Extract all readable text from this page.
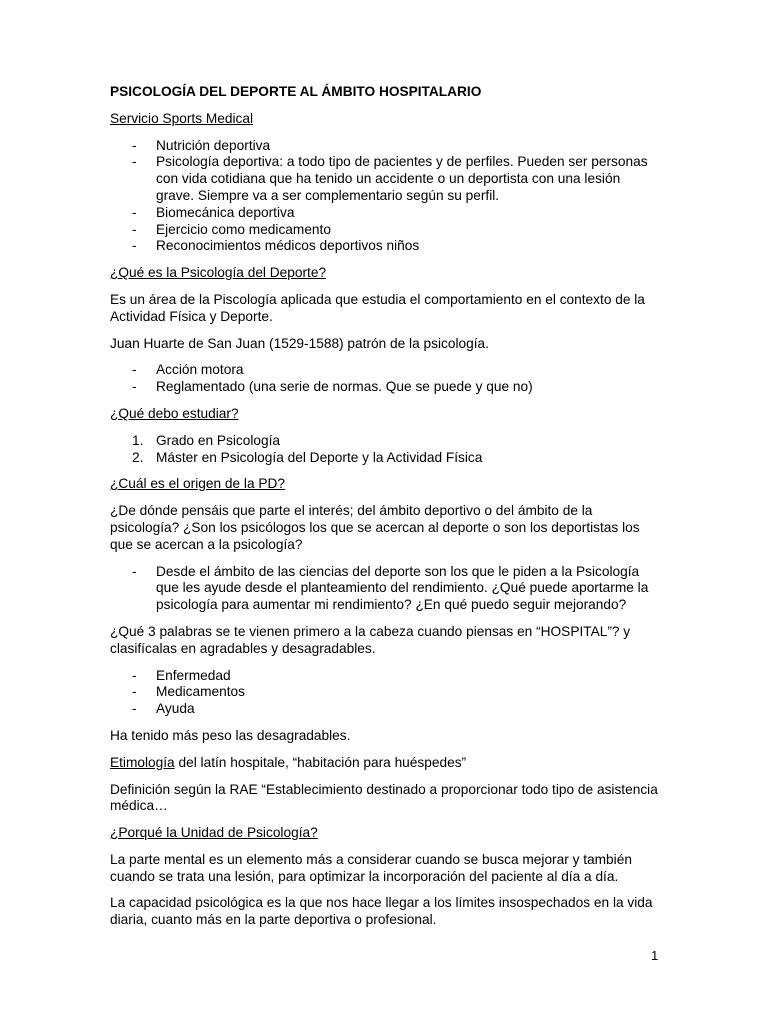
PSICOLOGÍA DEL DEPORTE AL ÁMBITO HOSPITALARIO

Servicio Sports Medical

- Nutrición deportiva
- Psicología deportiva: a todo tipo de pacientes y de perfiles. Pueden ser personas con vida cotidiana que ha tenido un accidente o un deportista con una lesión grave. Siempre va a ser complementario según su perfil.
- Biomecánica deportiva
- Ejercicio como medicamento
- Reconocimientos médicos deportivos niños

¿Qué es la Psicología del Deporte?

Es un área de la Piscología aplicada que estudia el comportamiento en el contexto de la Actividad Física y Deporte.

Juan Huarte de San Juan (1529-1588) patrón de la psicología.

- Acción motora
- Reglamentado (una serie de normas. Que se puede y que no)

¿Qué debo estudiar?

1. Grado en Psicología
2. Máster en Psicología del Deporte y la Actividad Física

¿Cuál es el origen de la PD?

¿De dónde pensáis que parte el interés; del ámbito deportivo o del ámbito de la psicología? ¿Son los psicólogos los que se acercan al deporte o son los deportistas los que se acercan a la psicología?

- Desde el ámbito de las ciencias del deporte son los que le piden a la Psicología que les ayude desde el planteamiento del rendimiento. ¿Qué puede aportarme la psicología para aumentar mi rendimiento? ¿En qué puedo seguir mejorando?

¿Qué 3 palabras se te vienen primero a la cabeza cuando piensas en “HOSPITAL”? y clasifícalas en agradables y desagradables.

- Enfermedad
- Medicamentos
- Ayuda

Ha tenido más peso las desagradables.

Etimología del latín hospitale, “habitación para huéspedes”

Definición según la RAE “Establecimiento destinado a proporcionar todo tipo de asistencia médica…

¿Porqué la Unidad de Psicología?

La parte mental es un elemento más a considerar cuando se busca mejorar y también cuando se trata una lesión, para optimizar la incorporación del paciente al día a día.

La capacidad psicológica es la que nos hace llegar a los límites insospechados en la vida diaria, cuanto más en la parte deportiva o profesional.

1
